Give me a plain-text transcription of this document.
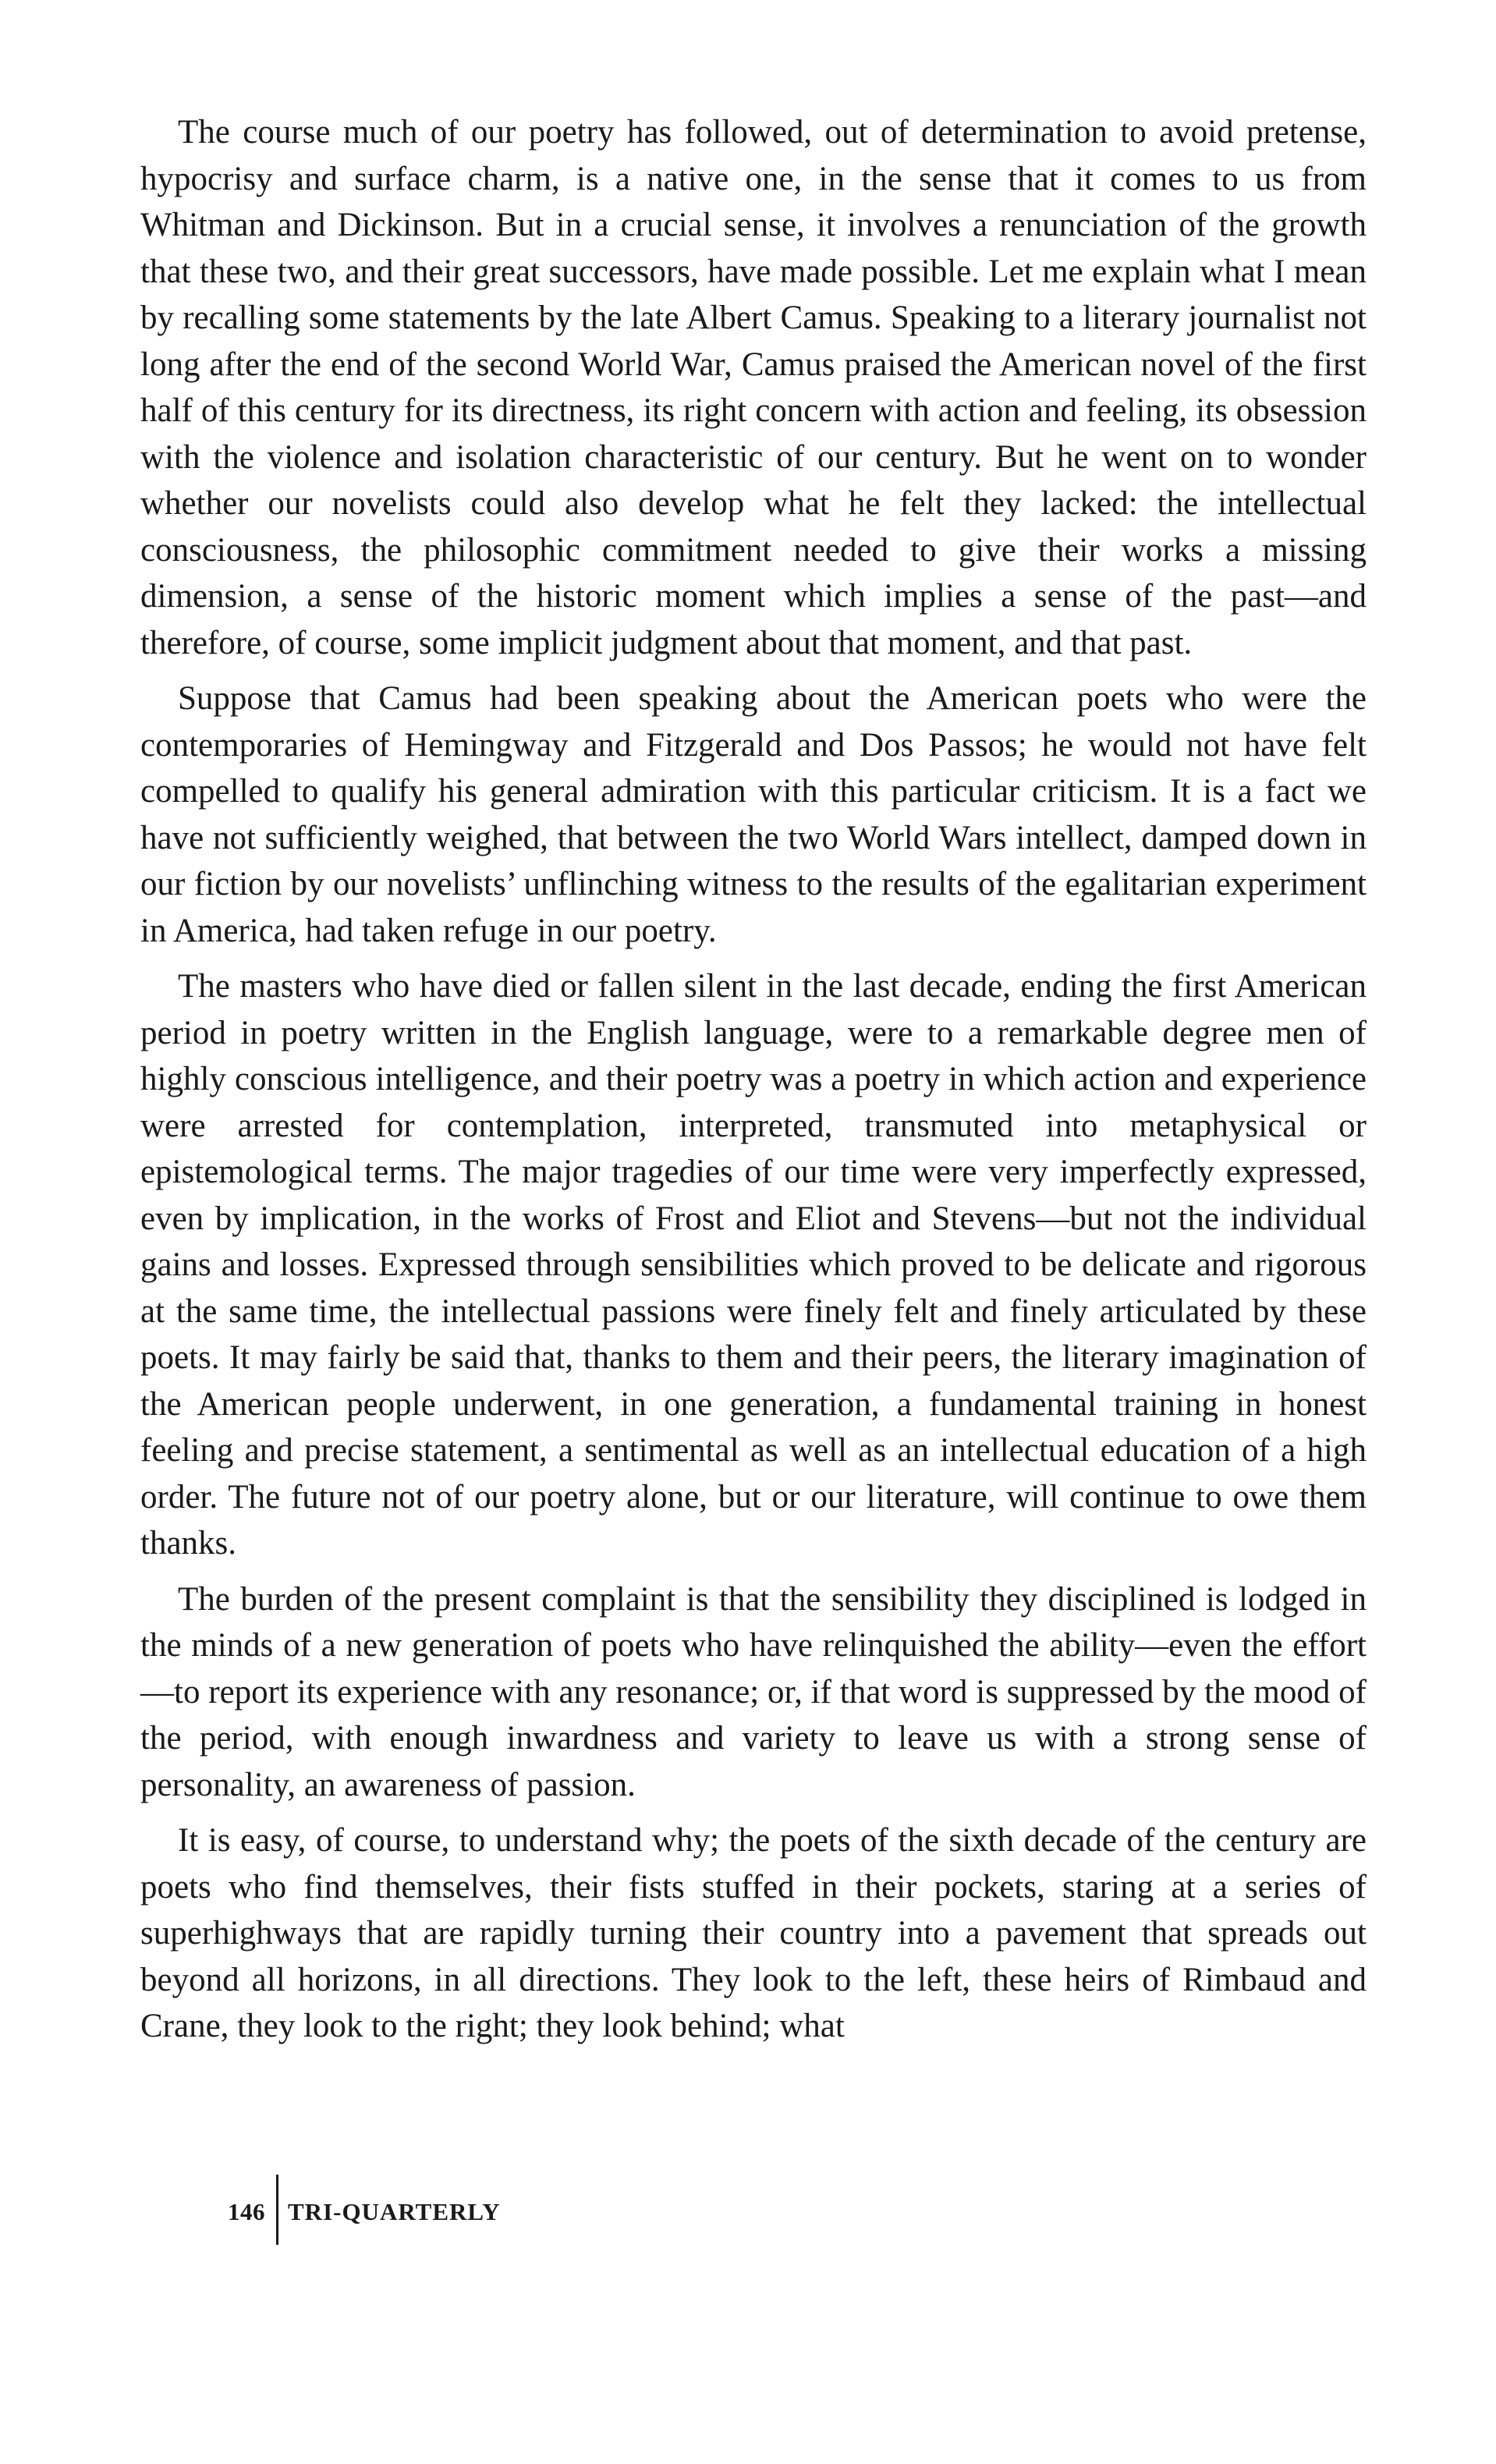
The course much of our poetry has followed, out of determination to avoid pretense, hypocrisy and surface charm, is a native one, in the sense that it comes to us from Whitman and Dickinson. But in a crucial sense, it involves a renunciation of the growth that these two, and their great successors, have made possible. Let me explain what I mean by recalling some statements by the late Albert Camus. Speaking to a literary journalist not long after the end of the second World War, Camus praised the American novel of the first half of this century for its directness, its right concern with action and feeling, its obsession with the violence and isolation characteristic of our century. But he went on to wonder whether our novelists could also develop what he felt they lacked: the intellectual consciousness, the philosophic commitment needed to give their works a missing dimension, a sense of the historic moment which implies a sense of the past—and therefore, of course, some implicit judgment about that moment, and that past.

Suppose that Camus had been speaking about the American poets who were the contemporaries of Hemingway and Fitzgerald and Dos Passos; he would not have felt compelled to qualify his general admiration with this particular criticism. It is a fact we have not sufficiently weighed, that between the two World Wars intellect, damped down in our fiction by our novelists’ unflinching witness to the results of the egalitarian experiment in America, had taken refuge in our poetry.

The masters who have died or fallen silent in the last decade, ending the first American period in poetry written in the English language, were to a remarkable degree men of highly conscious intelligence, and their poetry was a poetry in which action and experience were arrested for contemplation, interpreted, transmuted into metaphysical or epistemological terms. The major tragedies of our time were very imperfectly expressed, even by implication, in the works of Frost and Eliot and Stevens—but not the individual gains and losses. Expressed through sensibilities which proved to be delicate and rigorous at the same time, the intellectual passions were finely felt and finely articulated by these poets. It may fairly be said that, thanks to them and their peers, the literary imagination of the American people underwent, in one generation, a fundamental training in honest feeling and precise statement, a sentimental as well as an intellectual education of a high order. The future not of our poetry alone, but or our literature, will continue to owe them thanks.

The burden of the present complaint is that the sensibility they disciplined is lodged in the minds of a new generation of poets who have relinquished the ability—even the effort—to report its experience with any resonance; or, if that word is suppressed by the mood of the period, with enough inwardness and variety to leave us with a strong sense of personality, an awareness of passion.

It is easy, of course, to understand why; the poets of the sixth decade of the century are poets who find themselves, their fists stuffed in their pockets, staring at a series of superhighways that are rapidly turning their country into a pavement that spreads out beyond all horizons, in all directions. They look to the left, these heirs of Rimbaud and Crane, they look to the right; they look behind; what

146 TRI-QUARTERLY
